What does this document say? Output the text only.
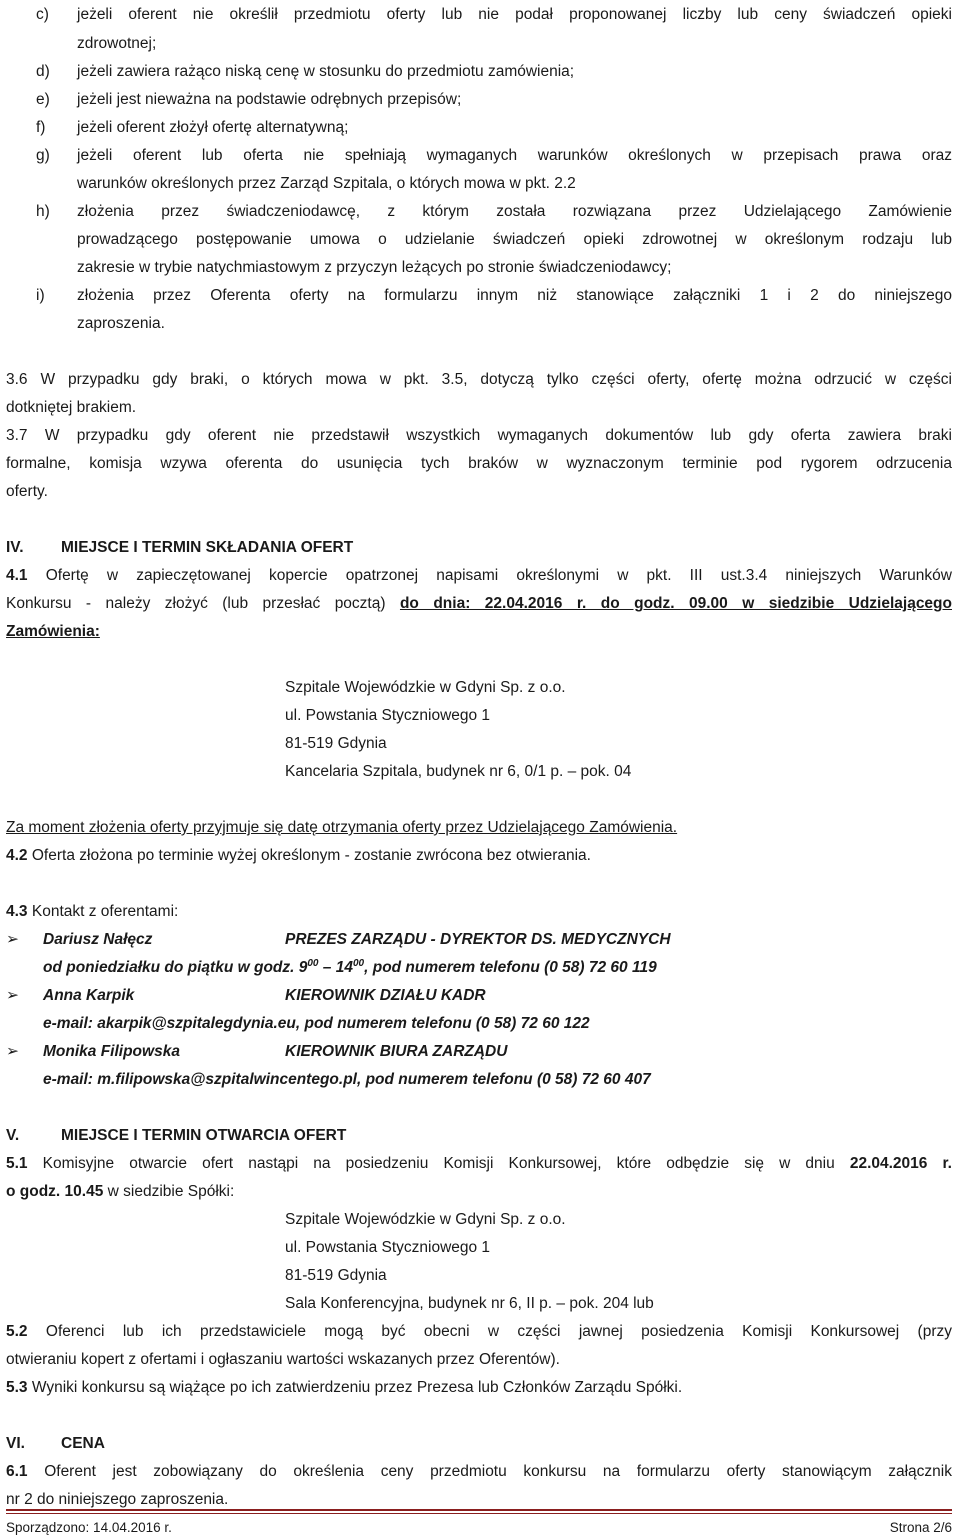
c) jeżeli oferent nie określił przedmiotu oferty lub nie podał proponowanej liczby lub ceny świadczeń opieki
zdrowotnej;
d) jeżeli zawiera rażąco niską cenę w stosunku do przedmiotu zamówienia;
e) jeżeli jest nieważna na podstawie odrębnych przepisów;
f) jeżeli oferent złożył ofertę alternatywną;
g) jeżeli oferent lub oferta nie spełniają wymaganych warunków określonych w przepisach prawa oraz
warunków określonych przez Zarząd Szpitala, o których mowa w pkt. 2.2
h) złożenia przez świadczeniodawcę, z którym została rozwiązana przez Udzielającego Zamówienie
prowadzącego postępowanie umowa o udzielanie świadczeń opieki zdrowotnej w określonym rodzaju lub
zakresie w trybie natychmiastowym z przyczyn leżących po stronie świadczeniodawcy;
i) złożenia przez Oferenta oferty na formularzu innym niż stanowiące załączniki 1 i 2 do niniejszego
zaproszenia.
3.6 W przypadku gdy braki, o których mowa w pkt. 3.5, dotyczą tylko części oferty, ofertę można odrzucić w części
dotkniętej brakiem.
3.7 W przypadku gdy oferent nie przedstawił wszystkich wymaganych dokumentów lub gdy oferta zawiera braki
formalne, komisja wzywa oferenta do usunięcia tych braków w wyznaczonym terminie pod rygorem odrzucenia
oferty.
IV. MIEJSCE I TERMIN SKŁADANIA OFERT
4.1 Ofertę w zapieczętowanej kopercie opatrzonej napisami określonymi w pkt. III ust.3.4 niniejszych Warunków
Konkursu - należy złożyć (lub przesłać pocztą) do dnia: 22.04.2016 r. do godz. 09.00 w siedzibie Udzielającego
Zamówienia:
Szpitale Wojewódzkie w Gdyni Sp. z o.o.
ul. Powstania Styczniowego 1
81-519 Gdynia
Kancelaria Szpitala, budynek nr 6, 0/1 p. – pok. 04
Za moment złożenia oferty przyjmuje się datę otrzymania oferty przez Udzielającego Zamówienia.
4.2 Oferta złożona po terminie wyżej określonym - zostanie zwrócona bez otwierania.
4.3 Kontakt z oferentami:
➢ Dariusz Nałęcz	PREZES ZARZĄDU - DYREKTOR DS. MEDYCZNYCH
od poniedziałku do piątku w godz. $9^{00} - 14^{00}$, pod numerem telefonu (0 58) 72 60 119
➢ Anna Karpik	KIEROWNIK DZIAŁU KADR
e-mail: akarpik@szpitalegdynia.eu, pod numerem telefonu (0 58) 72 60 122
➢ Monika Filipowska	KIEROWNIK BIURA ZARZĄDU
e-mail: m.filipowska@szpitalwincentego.pl, pod numerem telefonu (0 58) 72 60 407
V.	MIEJSCE I TERMIN OTWARCIA OFERT
5.1 Komisyjne otwarcie ofert nastąpi na posiedzeniu Komisji Konkursowej, które odbędzie się w dniu 22.04.2016 r.
o godz. 10.45 w siedzibie Spółki:
Szpitale Wojewódzkie w Gdyni Sp. z o.o.
ul. Powstania Styczniowego 1
81-519 Gdynia
Sala Konferencyjna, budynek nr 6, II p. – pok. 204 lub
5.2 Oferenci lub ich przedstawiciele mogą być obecni w części jawnej posiedzenia Komisji Konkursowej (przy
otwieraniu kopert z ofertami i ogłaszaniu wartości wskazanych przez Oferentów).
5.3 Wyniki konkursu są wiążące po ich zatwierdzeniu przez Prezesa lub Członków Zarządu Spółki.
VI. CENA
6.1 Oferent jest zobowiązany do określenia ceny przedmiotu konkursu na formularzu oferty stanowiącym załącznik
nr 2 do niniejszego zaproszenia.
Sporządzono: 14.04.2016 r.	Strona 2/6
